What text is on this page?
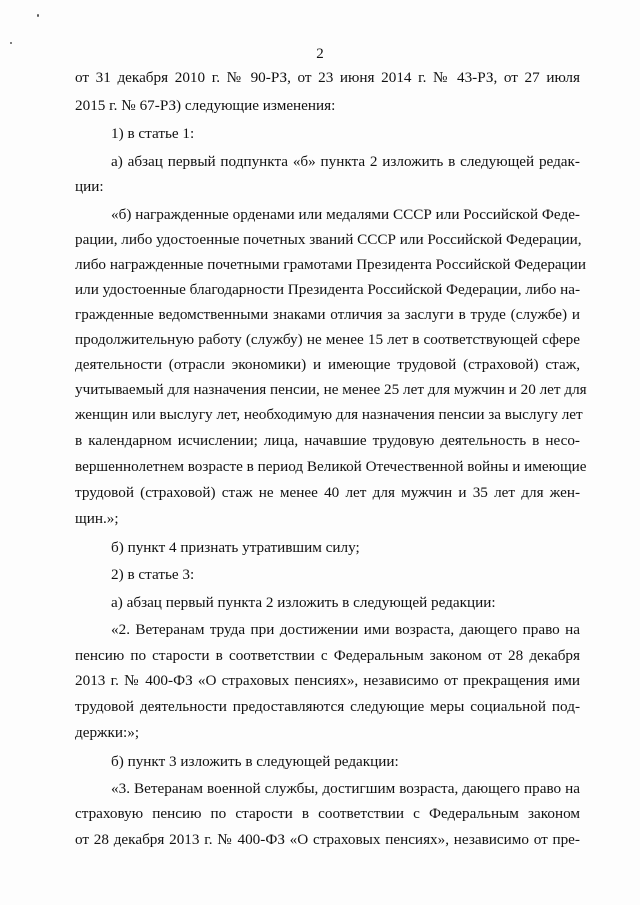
2
от 31 декабря 2010 г. № 90-РЗ, от 23 июня 2014 г. № 43-РЗ, от 27 июля
2015 г. № 67-РЗ) следующие изменения:
1) в статье 1:
а) абзац первый подпункта «б» пункта 2 изложить в следующей редак-
ции:
«б) награжденные орденами или медалями СССР или Российской Феде-
рации, либо удостоенные почетных званий СССР или Российской Федерации,
либо награжденные почетными грамотами Президента Российской Федерации
или удостоенные благодарности Президента Российской Федерации, либо на-
гражденные ведомственными знаками отличия за заслуги в труде (службе) и
продолжительную работу (службу) не менее 15 лет в соответствующей сфере
деятельности (отрасли экономики) и имеющие трудовой (страховой) стаж,
учитываемый для назначения пенсии, не менее 25 лет для мужчин и 20 лет для
женщин или выслугу лет, необходимую для назначения пенсии за выслугу лет
в календарном исчислении; лица, начавшие трудовую деятельность в несо-
вершеннолетнем возрасте в период Великой Отечественной войны и имеющие
трудовой (страховой) стаж не менее 40 лет для мужчин и 35 лет для жен-
щин.»;
б) пункт 4 признать утратившим силу;
2) в статье 3:
а) абзац первый пункта 2 изложить в следующей редакции:
«2. Ветеранам труда при достижении ими возраста, дающего право на
пенсию по старости в соответствии с Федеральным законом от 28 декабря
2013 г. № 400-ФЗ «О страховых пенсиях», независимо от прекращения ими
трудовой деятельности предоставляются следующие меры социальной под-
держки:»;
б) пункт 3 изложить в следующей редакции:
«3. Ветеранам военной службы, достигшим возраста, дающего право на
страховую пенсию по старости в соответствии с Федеральным законом
от 28 декабря 2013 г. № 400-ФЗ «О страховых пенсиях», независимо от пре-
